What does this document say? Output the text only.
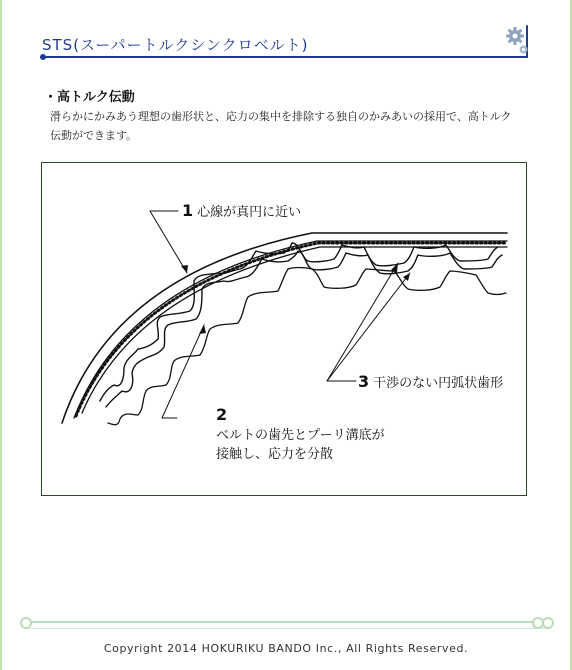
STS(スーパートルクシンクロベルト)
・高トルク伝動
滑らかにかみあう理想の歯形状と、応力の集中を排除する独自のかみあいの採用で、高トルク
伝動ができます。
1 心線が真円に近い
2
ベルトの歯先とプーリ溝底が
接触し、応力を分散
3 干渉のない円弧状歯形
Copyright 2014 HOKURIKU BANDO Inc., All Rights Reserved.
